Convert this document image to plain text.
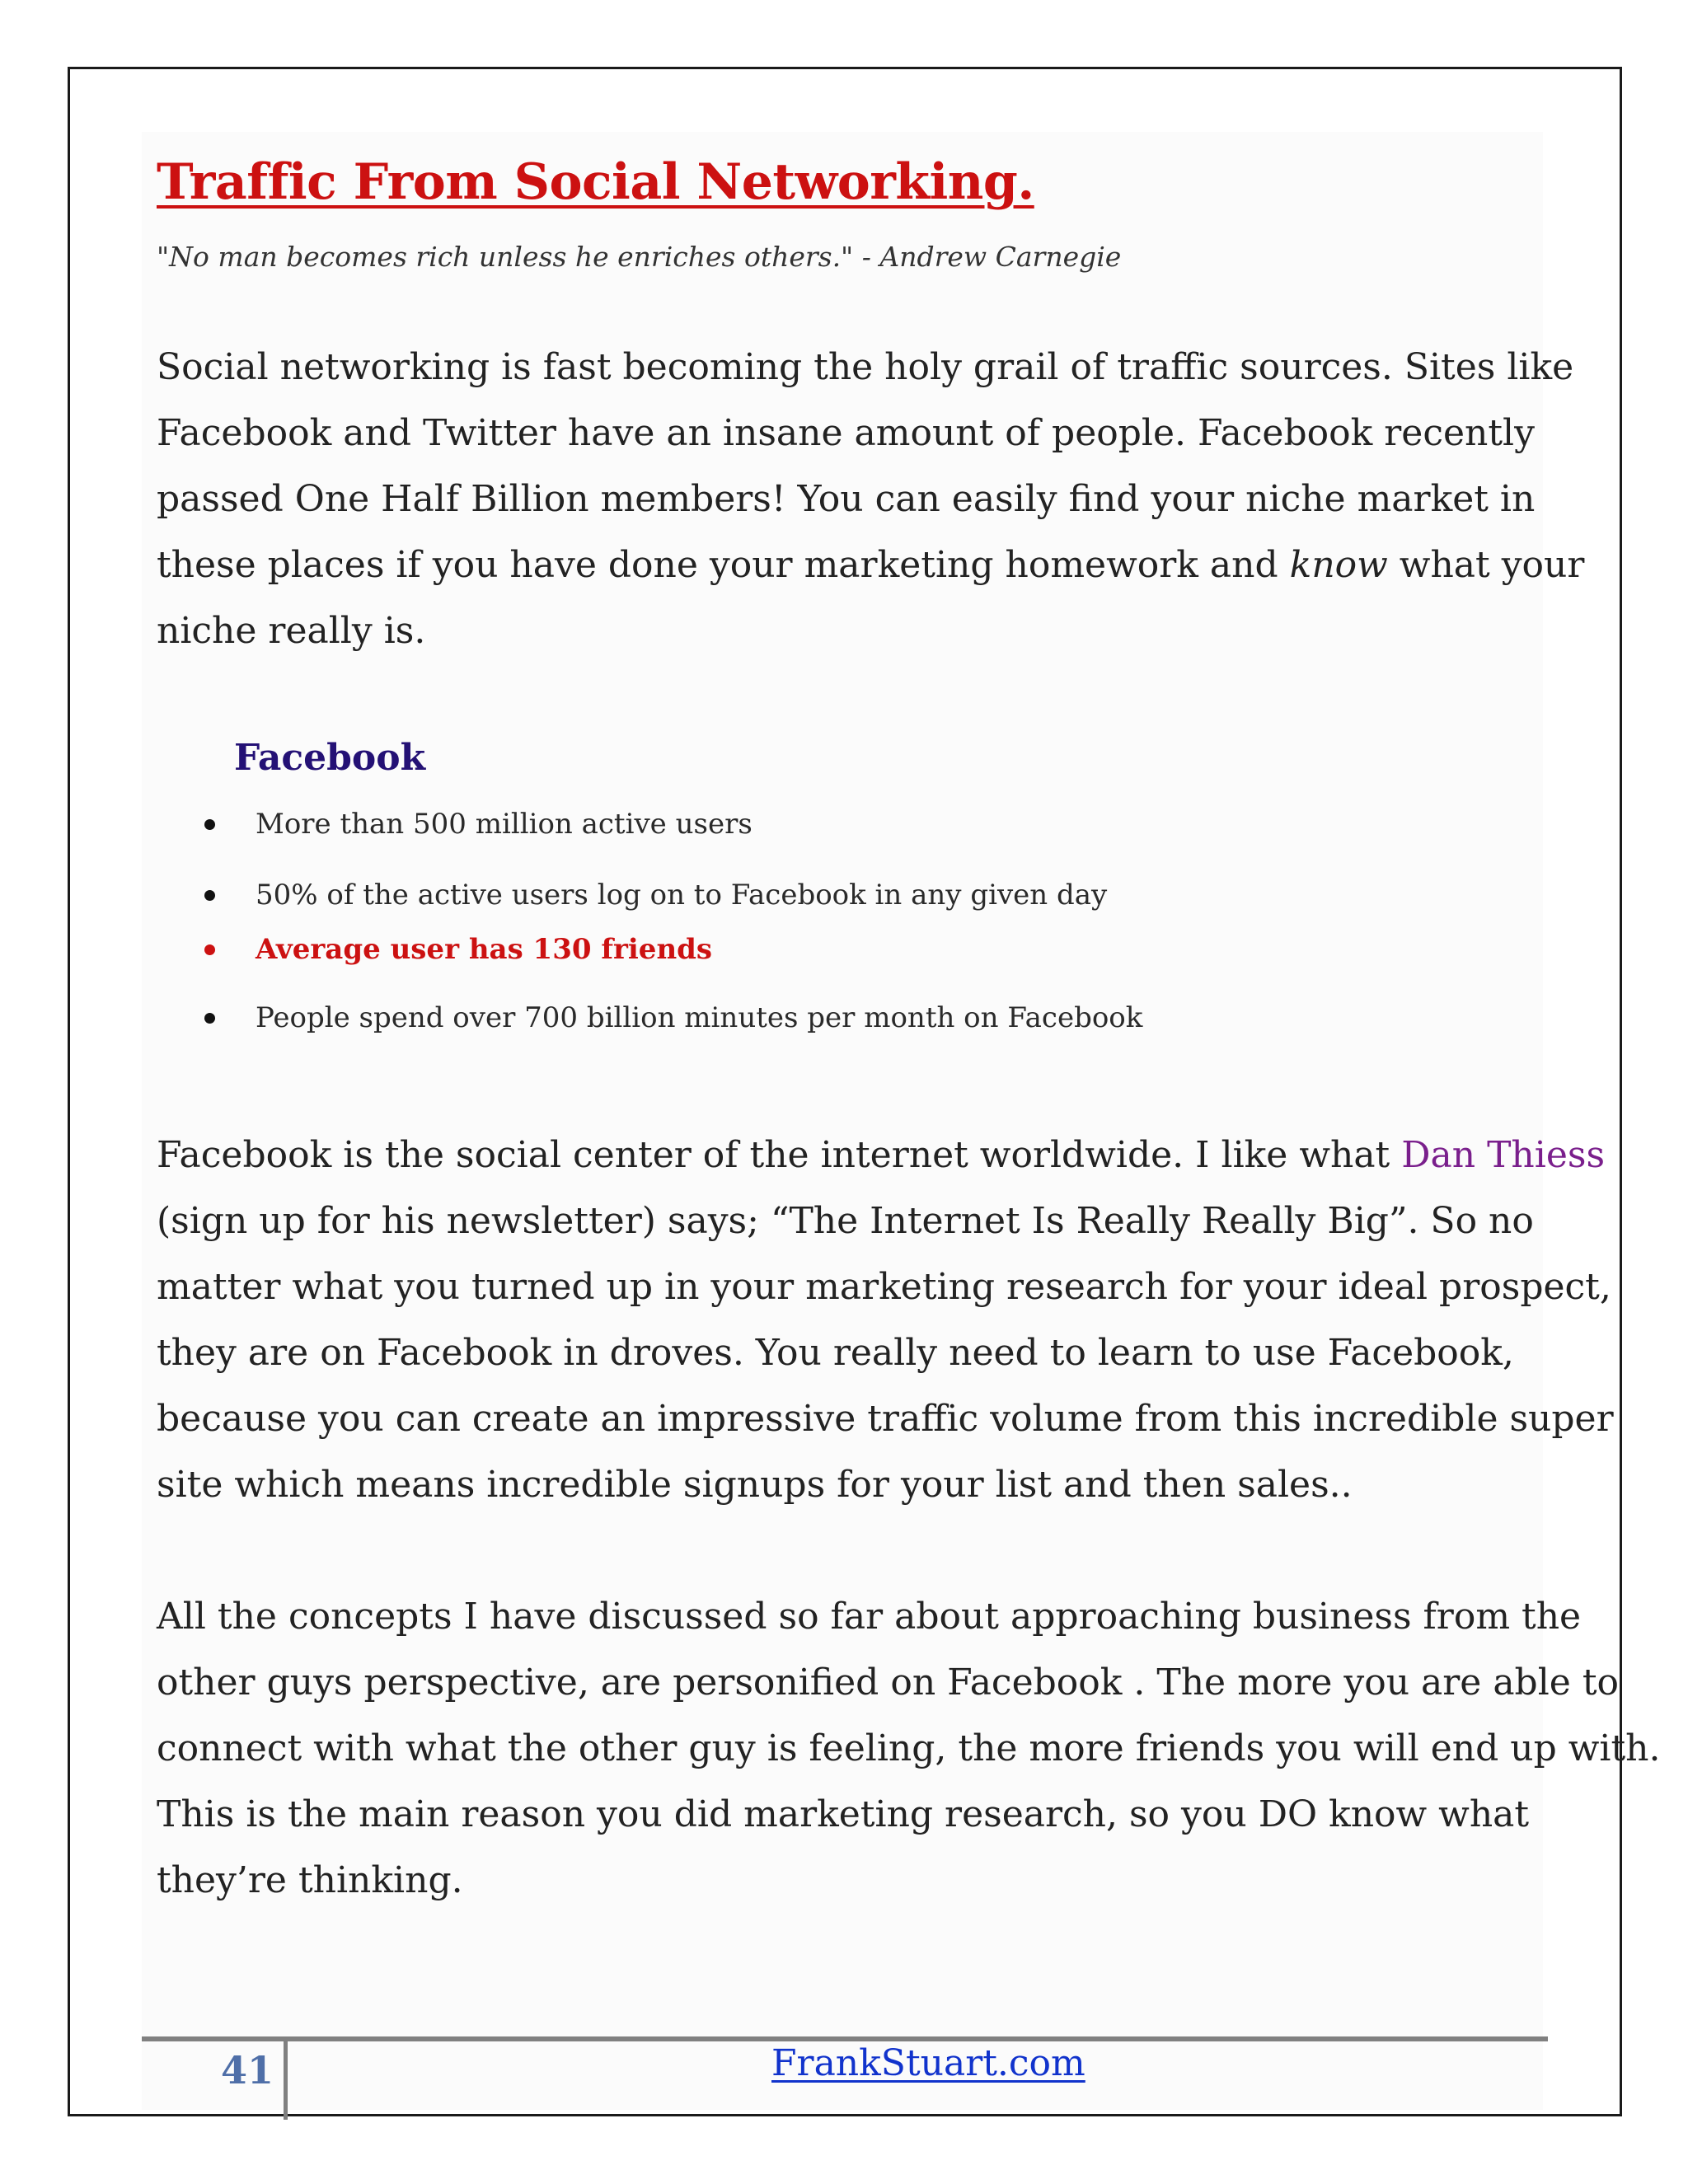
Traffic From Social Networking.

"No man becomes rich unless he enriches others." - Andrew Carnegie

Social networking is fast becoming the holy grail of traffic sources. Sites like
Facebook and Twitter have an insane amount of people. Facebook recently
passed One Half Billion members! You can easily find your niche market in
these places if you have done your marketing homework and know what your
niche really is.

Facebook
More than 500 million active users
50% of the active users log on to Facebook in any given day
Average user has 130 friends
People spend over 700 billion minutes per month on Facebook

Facebook is the social center of the internet worldwide. I like what Dan Thiess
(sign up for his newsletter) says; “The Internet Is Really Really Big”. So no
matter what you turned up in your marketing research for your ideal prospect,
they are on Facebook in droves. You really need to learn to use Facebook,
because you can create an impressive traffic volume from this incredible super
site which means incredible signups for your list and then sales..

All the concepts I have discussed so far about approaching business from the
other guys perspective, are personified on Facebook . The more you are able to
connect with what the other guy is feeling, the more friends you will end up with.
This is the main reason you did marketing research, so you DO know what
they’re thinking.

41	FrankStuart.com
